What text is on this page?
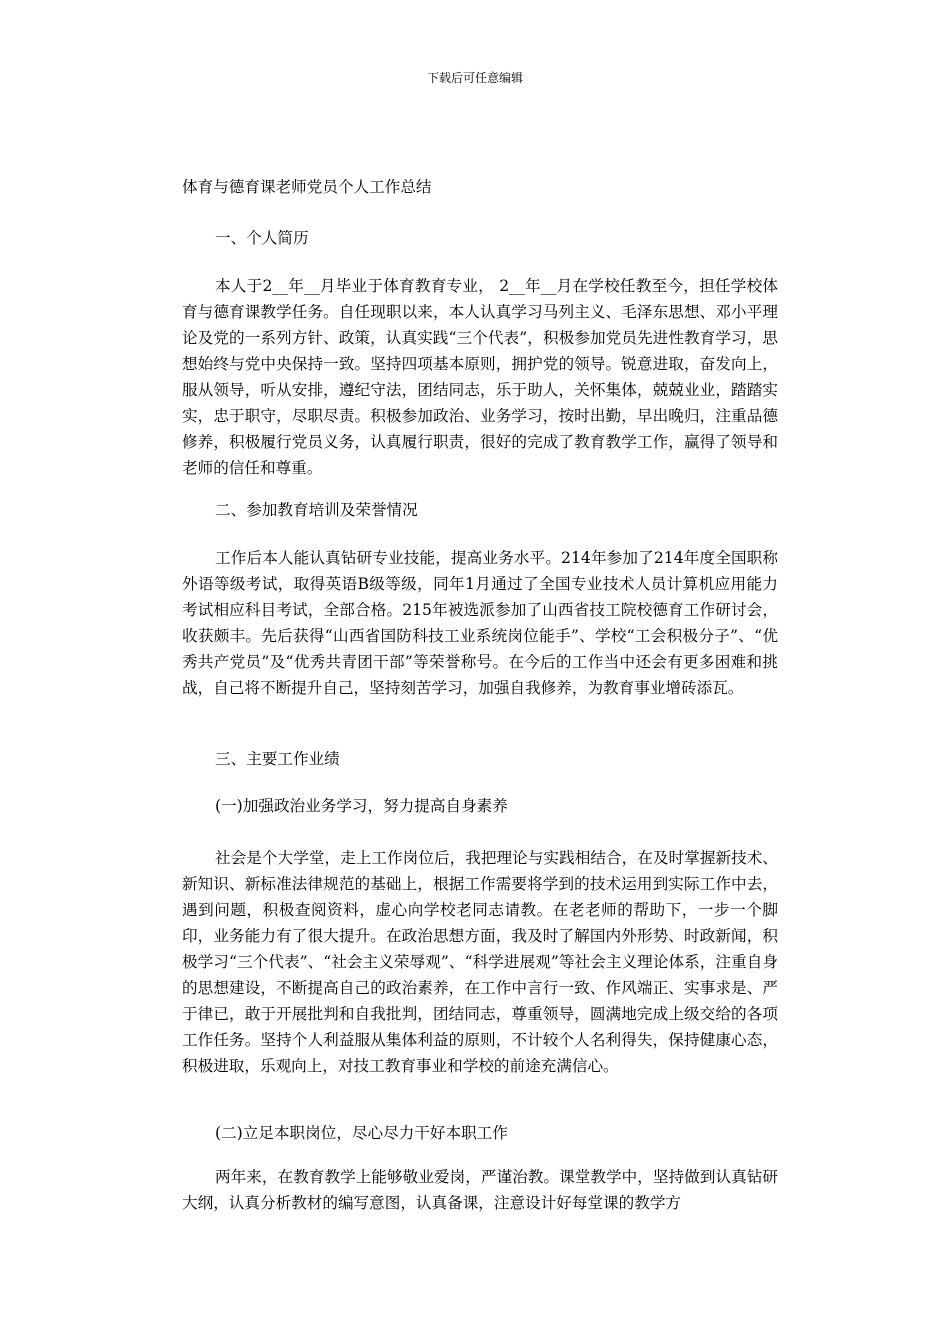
下载后可任意编辑
体育与德育课老师党员个人工作总结
一、个人简历
本人于2__年__月毕业于体育教育专业， 2__年__月在学校任教至今，担任学校体育与德育课教学任务。自任现职以来，本人认真学习马列主义、毛泽东思想、邓小平理论及党的一系列方针、政策，认真实践“三个代表”，积极参加党员先进性教育学习，思想始终与党中央保持一致。坚持四项基本原则，拥护党的领导。锐意进取，奋发向上，服从领导，听从安排，遵纪守法，团结同志，乐于助人，关怀集体，兢兢业业，踏踏实实，忠于职守，尽职尽责。积极参加政治、业务学习，按时出勤，早出晚归，注重品德修养，积极履行党员义务，认真履行职责，很好的完成了教育教学工作，赢得了领导和老师的信任和尊重。
二、参加教育培训及荣誉情况
工作后本人能认真钻研专业技能，提高业务水平。214年参加了214年度全国职称外语等级考试，取得英语B级等级，同年1月通过了全国专业技术人员计算机应用能力考试相应科目考试，全部合格。215年被选派参加了山西省技工院校德育工作研讨会，收获颇丰。先后获得“山西省国防科技工业系统岗位能手”、学校“工会积极分子”、“优秀共产党员”及“优秀共青团干部”等荣誉称号。在今后的工作当中还会有更多困难和挑战，自己将不断提升自己，坚持刻苦学习，加强自我修养，为教育事业增砖添瓦。
三、主要工作业绩
(一)加强政治业务学习，努力提高自身素养
社会是个大学堂，走上工作岗位后，我把理论与实践相结合，在及时掌握新技术、新知识、新标准法律规范的基础上，根据工作需要将学到的技术运用到实际工作中去，遇到问题，积极查阅资料，虚心向学校老同志请教。在老老师的帮助下，一步一个脚印，业务能力有了很大提升。在政治思想方面，我及时了解国内外形势、时政新闻，积极学习“三个代表”、“社会主义荣辱观”、“科学进展观”等社会主义理论体系，注重自身的思想建设，不断提高自己的政治素养，在工作中言行一致、作风端正、实事求是、严于律已，敢于开展批判和自我批判，团结同志，尊重领导，圆满地完成上级交给的各项工作任务。坚持个人利益服从集体利益的原则，不计较个人名利得失，保持健康心态，积极进取，乐观向上，对技工教育事业和学校的前途充满信心。
(二)立足本职岗位，尽心尽力干好本职工作
两年来，在教育教学上能够敬业爱岗，严谨治教。课堂教学中，坚持做到认真钻研大纲，认真分析教材的编写意图，认真备课，注意设计好每堂课的教学方
